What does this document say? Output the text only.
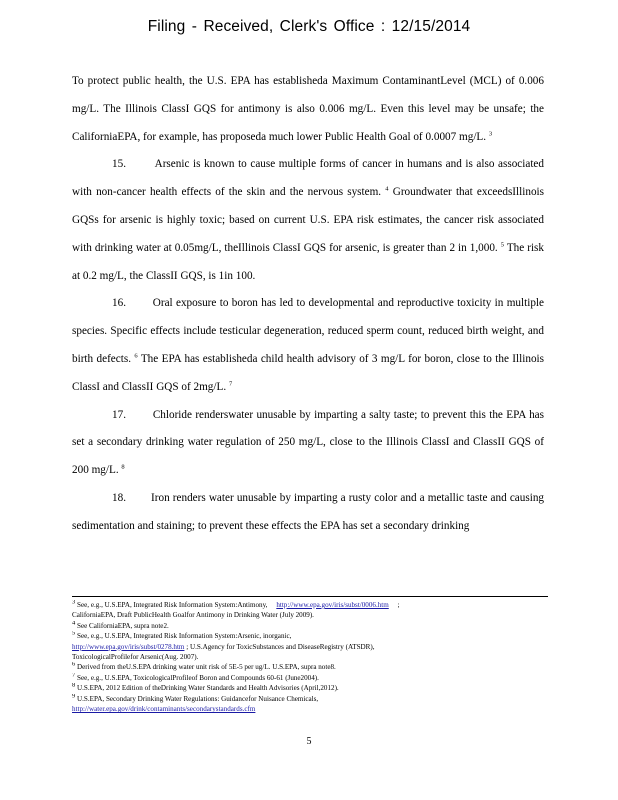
Filing - Received, Clerk's Office : 12/15/2014

To protect public health, the U.S. EPA has establisheda Maximum ContaminantLevel (MCL) of 0.006 mg/L. The Illinois ClassI GQS for antimony is also 0.006 mg/L. Even this level may be unsafe; the CaliforniaEPA, for example, has proposeda much lower Public Health Goal of 0.0007 mg/L. $^3$

15.	Arsenic is known to cause multiple forms of cancer in humans and is also associated with non-cancer health effects of the skin and the nervous system. $^4$ Groundwater that exceedsIllinois GQSs for arsenic is highly toxic; based on current U.S. EPA risk estimates, the cancer risk associated with drinking water at 0.05mg/L, theIllinois ClassI GQS for arsenic, is greater than 2 in 1,000. $^5$ The risk at 0.2 mg/L, the ClassII GQS, is 1in 100.

16. Oral exposure to boron has led to developmental and reproductive toxicity in multiple species. Specific effects include testicular degeneration, reduced sperm count, reduced birth weight, and birth defects. $^6$ The EPA has establisheda child health advisory of 3 mg/L for boron, close to the Illinois ClassI and ClassII GQS of 2mg/L. $^7$

17. Chloride renderswater unusable by imparting a salty taste; to prevent this the EPA has set a secondary drinking water regulation of 250 mg/L, close to the Illinois ClassI and ClassII GQS of 200 mg/L. $^8$

18. Iron renders water unusable by imparting a rusty color and a metallic taste and causing sedimentation and staining; to prevent these effects the EPA has set a secondary drinking

$^3$ See, e.g., U.S.EPA, Integrated Risk Information System:Antimony, http://www.epa.gov/iris/subst/0006.htm ;
CaliforniaEPA, Draft PublicHealth Goalfor Antimony in Drinking Water (July 2009).
$^4$ See CaliforniaEPA, supra note2.
$^5$ See, e.g., U.S.EPA, Integrated Risk Information System:Arsenic, inorganic,
http://www.epa.gov/iris/subst/0278.htm ; U.S.Agency for ToxicSubstances and DiseaseRegistry (ATSDR),
ToxicologicalProfilefor Arsenic(Aug. 2007).
$^6$ Derived from theU.S.EPA drinking water unit risk of 5E-5 per ug/L. U.S.EPA, supra note8.
$^7$ See, e.g., U.S.EPA, ToxicologicalProfileof Boron and Compounds 60-61 (June2004).
$^8$ U.S.EPA, 2012 Edition of theDrinking Water Standards and Health Advisories (April,2012).
$^9$ U.S.EPA, Secondary Drinking Water Regulations: Guidancefor Nuisance Chemicals,
http://water.epa.gov/drink/contaminants/secondarystandards.cfm
5
